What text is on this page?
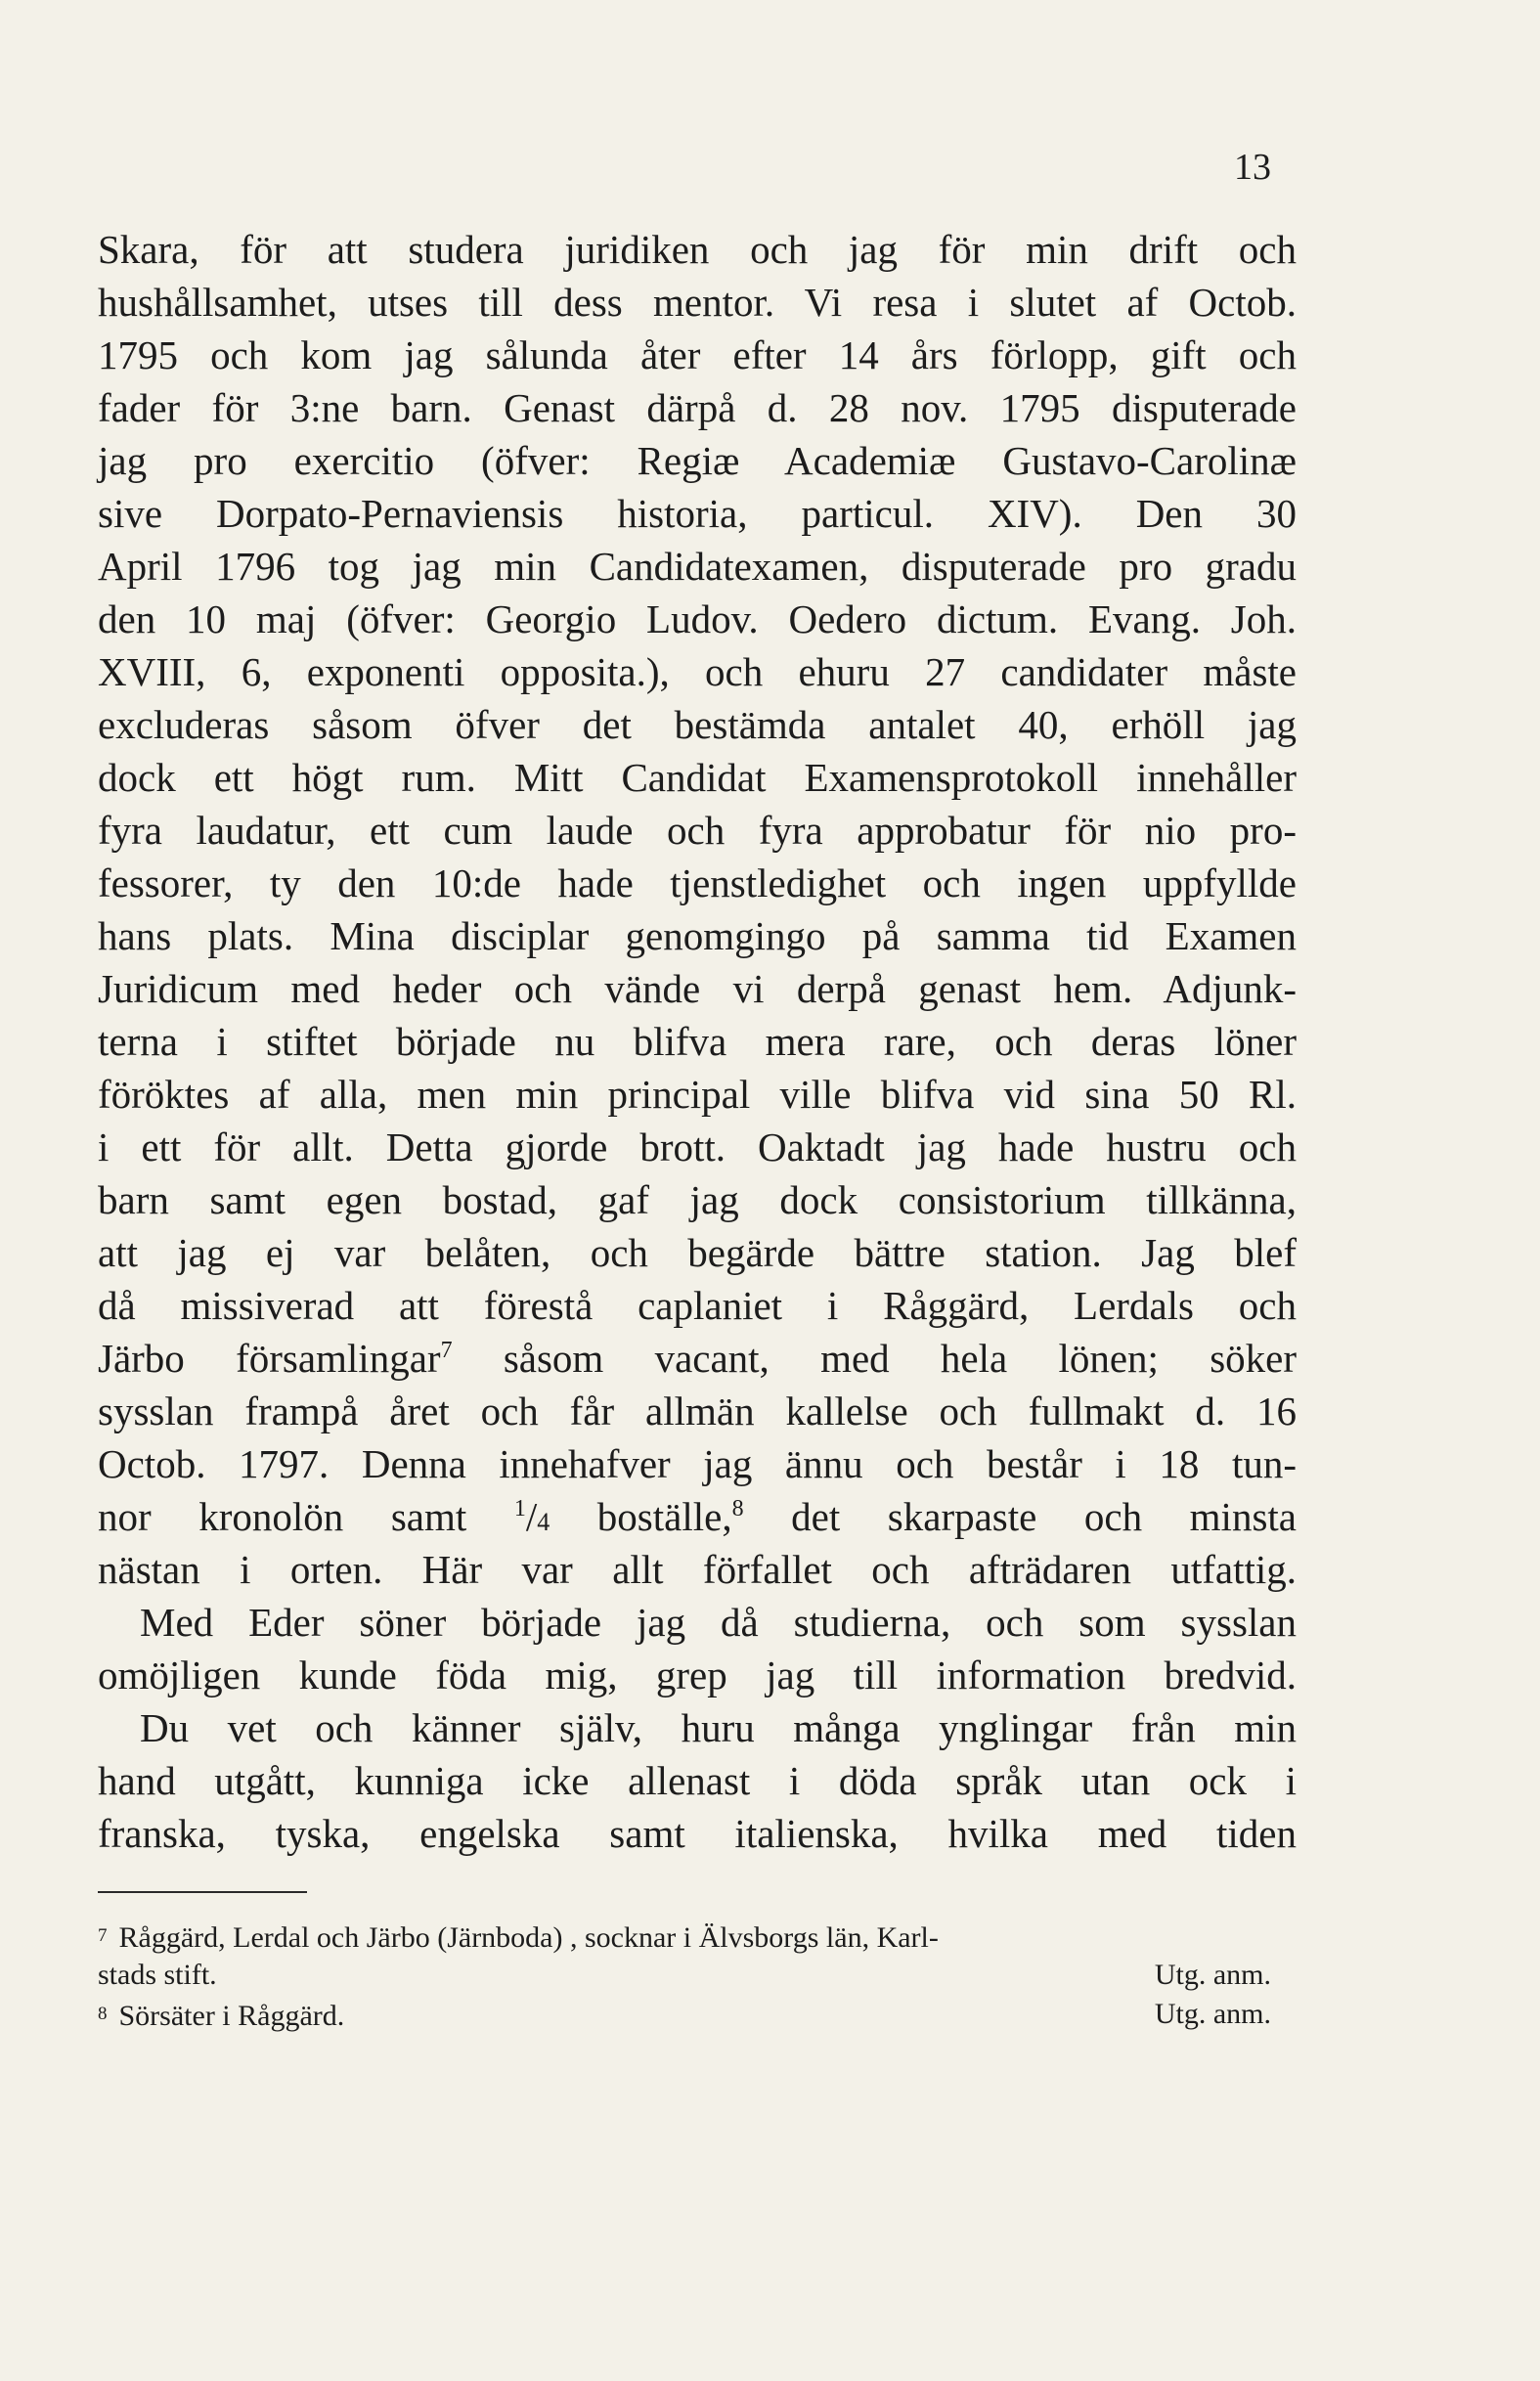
13
Skara, för att studera juridiken och jag för min drift och
hushållsamhet, utses till dess mentor. Vi resa i slutet af Octob.
1795 och kom jag sålunda åter efter 14 års förlopp, gift och
fader för 3:ne barn. Genast därpå d. 28 nov. 1795 disputerade
jag pro exercitio (öfver: Regiæ Academiæ Gustavo-Carolinæ
sive Dorpato-Pernaviensis historia, particul. XIV). Den 30
April 1796 tog jag min Candidatexamen, disputerade pro gradu
den 10 maj (öfver: Georgio Ludov. Oedero dictum. Evang. Joh.
XVIII, 6, exponenti opposita.), och ehuru 27 candidater måste
excluderas såsom öfver det bestämda antalet 40, erhöll jag
dock ett högt rum. Mitt Candidat Examensprotokoll innehåller
fyra laudatur, ett cum laude och fyra approbatur för nio pro-
fessorer, ty den 10:de hade tjenstledighet och ingen uppfyllde
hans plats. Mina disciplar genomgingo på samma tid Examen
Juridicum med heder och vände vi derpå genast hem. Adjunk-
terna i stiftet började nu blifva mera rare, och deras löner
föröktes af alla, men min principal ville blifva vid sina 50 Rl.
i ett för allt. Detta gjorde brott. Oaktadt jag hade hustru och
barn samt egen bostad, gaf jag dock consistorium tillkänna,
att jag ej var belåten, och begärde bättre station. Jag blef
då missiverad att förestå caplaniet i Råggärd, Lerdals och
Järbo församlingar$^7$ såsom vacant, med hela lönen; söker
sysslan frampå året och får allmän kallelse och fullmakt d. 16
Octob. 1797. Denna innehafver jag ännu och består i 18 tun-
nor kronolön samt $^1$/4 boställe,$^8$ det skarpaste och minsta
nästan i orten. Här var allt förfallet och afträdaren utfattig.
Med Eder söner började jag då studierna, och som sysslan
omöjligen kunde föda mig, grep jag till information bredvid.
Du vet och känner själv, huru många ynglingar från min
hand utgått, kunniga icke allenast i döda språk utan ock i
franska, tyska, engelska samt italienska, hvilka med tiden
$^7$ Råggärd, Lerdal och Järbo (Järnboda) , socknar i Älvsborgs län, Karl-
stads stift.	Utg. anm.
$^8$ Sörsäter i Råggärd.	Utg. anm.
